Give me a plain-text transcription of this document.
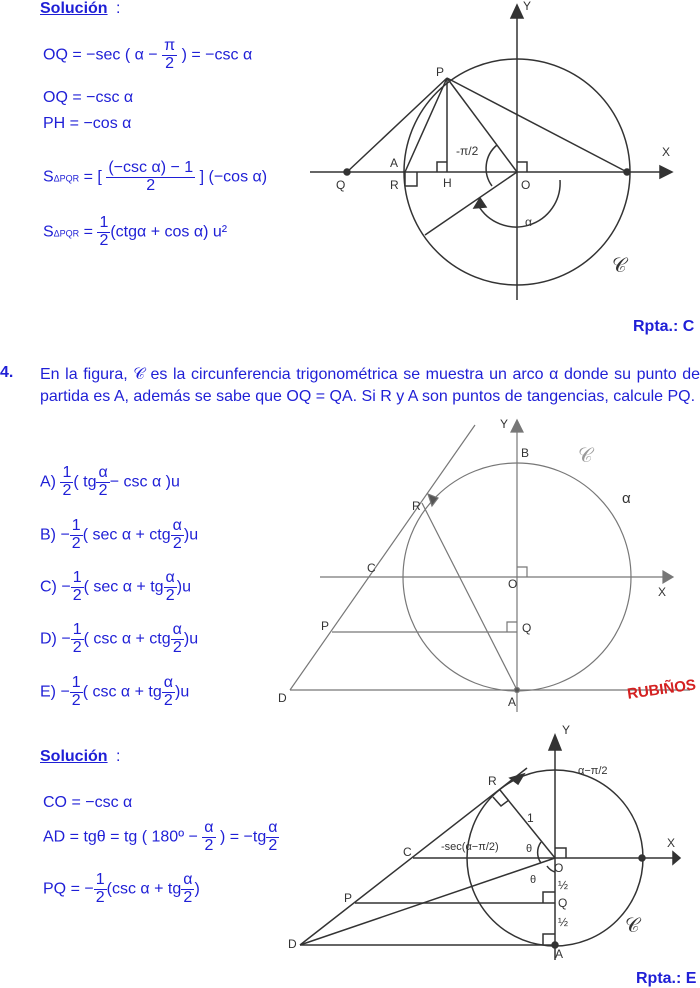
Y
X
P
A
R
Q	H	O
-π/2
α
𝒞
Y
B 𝒞
α
R
C
O
X
P	Q
D	A	RUBIÑOS
Y
α−π/2
R
1
X
C	-sec(α−π/2) θ
O
θ ½
Q
½
P
D
A
𝒞
Solución :
OQ = −sec ( $\alpha - \frac{\pi}{2}$ ) = −csc α
OQ = −csc α
PH = −cos α
SΔPQR = [
(−csc α) − 1
2	] (−cos α)
$S\Delta PQR = \frac{1}{2} (ctg\alpha + \cos \alpha)$ u²
Rpta.: C
4. En la figura, 𝒞 es la circunferencia trigonométrica se muestra un arco α donde su punto de partida es A, además se sabe que OQ = QA. Si R y A son puntos de tangencias, calcule PQ.
$A) \frac{1}{2}$ ( tg $\frac{\alpha}{2} - \csc \alpha$ )u
$B) - \frac{1}{2}$ ( sec α + ctg $\frac{\alpha}{2} )u$
$C) - \frac{1}{2}$ ( sec α + tg $\frac{\alpha}{2} )u$
$D) - \frac{1}{2}$ ( csc α + ctg $\frac{\alpha}{2} )u$
$E) - \frac{1}{2}$ ( csc α + tg $\frac{\alpha}{2} )u$
Solución :
CO = −csc α
AD = tgθ = tg ( 180º − $\frac{\alpha}{2}$ ) = $-tg \frac{\alpha}{2}$
PQ = − $\frac{1}{2} (\csc$ α + tg $\frac{\alpha}{2}$ )
Rpta.: E
